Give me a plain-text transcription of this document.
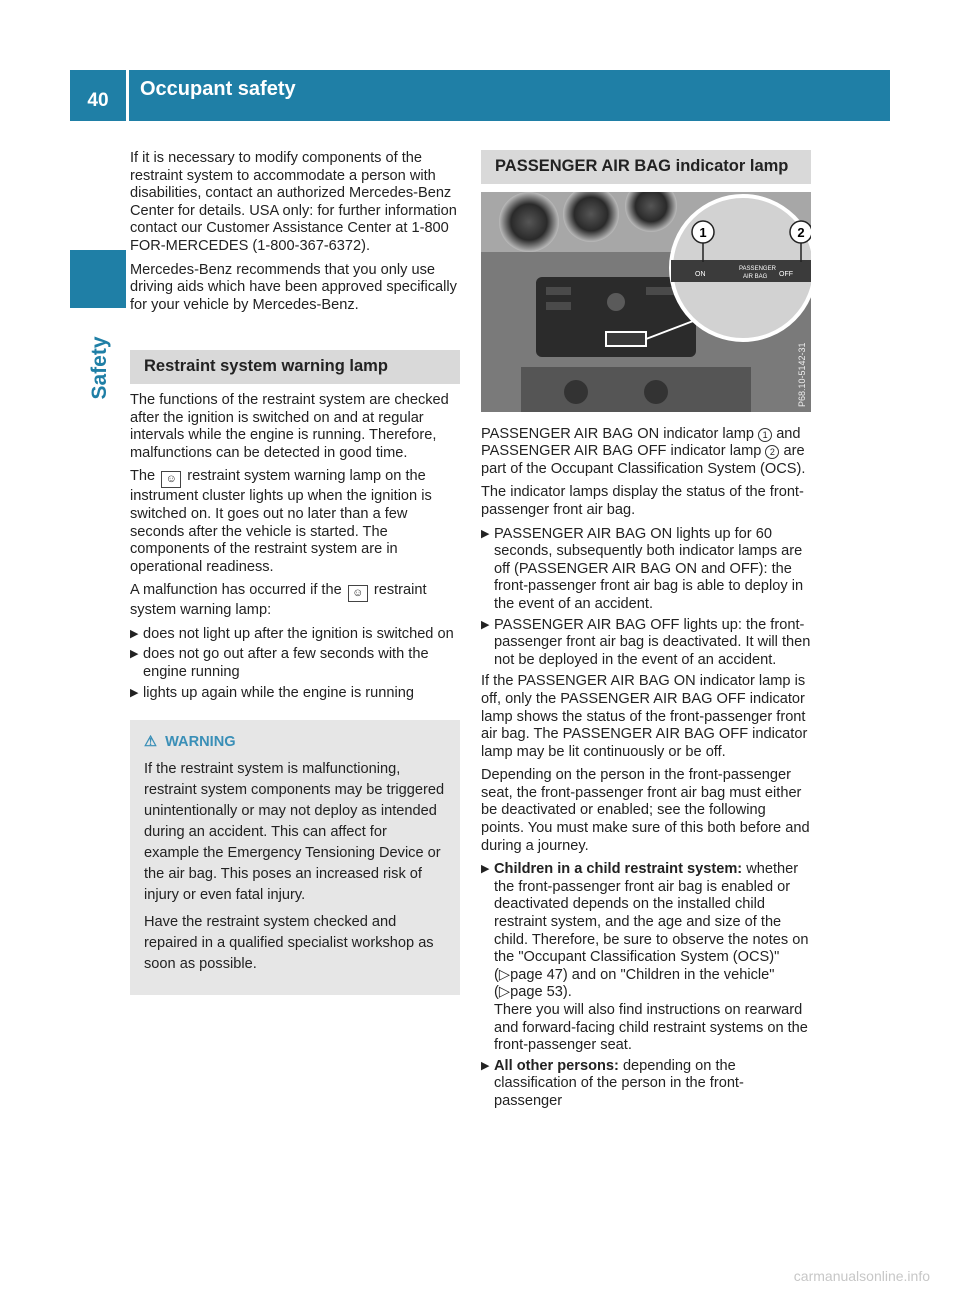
40
Occupant safety
Safety

If it is necessary to modify components of the restraint system to accommodate a person with disabilities, contact an authorized Mercedes-Benz Center for details. USA only: for further information contact our Customer Assistance Center at 1-800 FOR-MERCEDES (1-800-367-6372).

Mercedes-Benz recommends that you only use driving aids which have been approved specifically for your vehicle by Mercedes-Benz.

Restraint system warning lamp

The functions of the restraint system are checked after the ignition is switched on and at regular intervals while the engine is running. Therefore, malfunctions can be detected in good time.

The ☺ restraint system warning lamp on the instrument cluster lights up when the ignition is switched on. It goes out no later than a few seconds after the vehicle is started. The components of the restraint system are in operational readiness.

A malfunction has occurred if the ☺ restraint system warning lamp:

▶ does not light up after the ignition is switched on
▶ does not go out after a few seconds with the engine running
▶ lights up again while the engine is running
⚠ WARNING

If the restraint system is malfunctioning, restraint system components may be triggered unintentionally or may not deploy as intended during an accident. This can affect for example the Emergency Tensioning Device or the air bag. This poses an increased risk of injury or even fatal injury.

Have the restraint system checked and repaired in a qualified specialist workshop as soon as possible.

PASSENGER AIR BAG indicator lamp
1	2
ON
PASSENGER
AIR BAG OFF
P68.10-5142-31

PASSENGER AIR BAG ON indicator lamp 1 and PASSENGER AIR BAG OFF indicator lamp 2 are part of the Occupant Classification System (OCS).

The indicator lamps display the status of the front-passenger front air bag.

▶ PASSENGER AIR BAG ON lights up for 60 seconds, subsequently both indicator lamps are off (PASSENGER AIR BAG ON and OFF): the front-passenger front air bag is able to deploy in the event of an accident.
▶ PASSENGER AIR BAG OFF lights up: the front-passenger front air bag is deactivated. It will then not be deployed in the event of an accident.

If the PASSENGER AIR BAG ON indicator lamp is off, only the PASSENGER AIR BAG OFF indicator lamp shows the status of the front-passenger front air bag. The PASSENGER AIR BAG OFF indicator lamp may be lit continuously or be off.

Depending on the person in the front-passenger seat, the front-passenger front air bag must either be deactivated or enabled; see the following points. You must make sure of this both before and during a journey.

▶ Children in a child restraint system: whether the front-passenger front air bag is enabled or deactivated depends on the installed child restraint system, and the age and size of the child. Therefore, be sure to observe the notes on the "Occupant Classification System (OCS)" (▷page 47) and on "Children in the vehicle" (▷page 53).
There you will also find instructions on rearward and forward-facing child restraint systems on the front-passenger seat.
▶ All other persons: depending on the classification of the person in the front-passenger
carmanualsonline.info
